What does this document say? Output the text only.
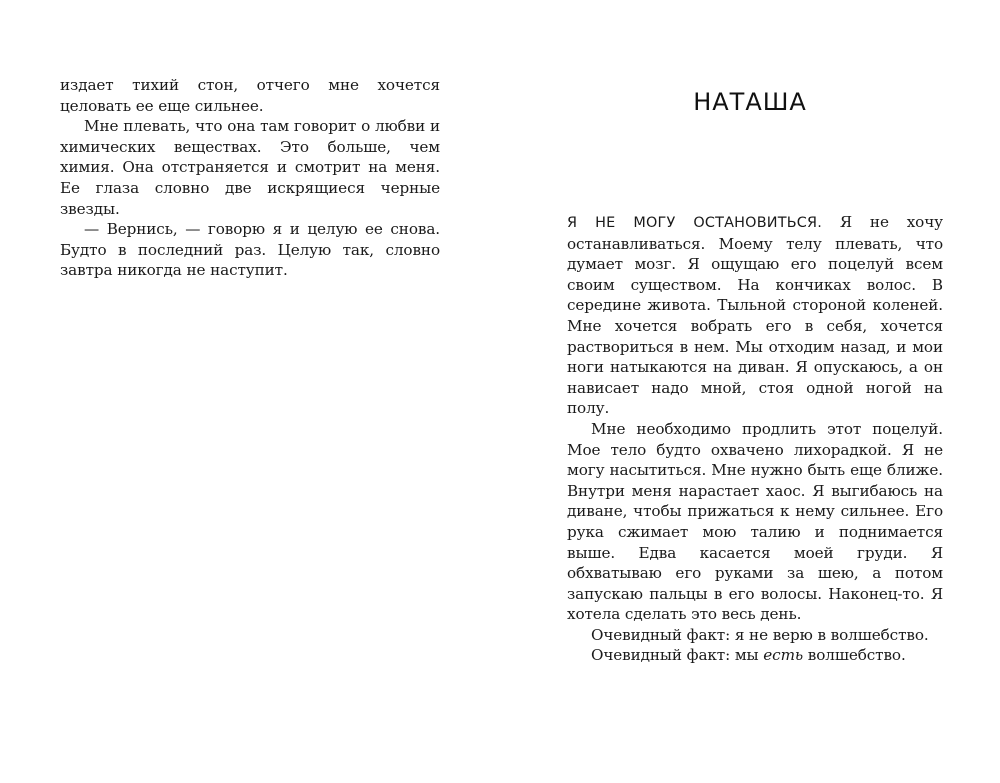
издает тихий стон, отчего мне хочется целовать ее еще сильнее.

Мне плевать, что она там говорит о любви и химических веществах. Это больше, чем химия. Она отстраняется и смотрит на меня. Ее глаза словно две искрящиеся черные звезды.

— Вернись, — говорю я и целую ее снова. Будто в последний раз. Целую так, словно завтра никогда не наступит.

НАТАША

Я НЕ МОГУ ОСТАНОВИТЬСЯ. Я не хочу останавливаться. Моему телу плевать, что думает мозг. Я ощущаю его поцелуй всем своим существом. На кончиках волос. В середине живота. Тыльной стороной коленей. Мне хочется вобрать его в себя, хочется раствориться в нем. Мы отходим назад, и мои ноги натыкаются на диван. Я опускаюсь, а он нависает надо мной, стоя одной ногой на полу.

Мне необходимо продлить этот поцелуй. Мое тело будто охвачено лихорадкой. Я не могу насытиться. Мне нужно быть еще ближе. Внутри меня нарастает хаос. Я выгибаюсь на диване, чтобы прижаться к нему сильнее. Его рука сжимает мою талию и поднимается выше. Едва касается моей груди. Я обхватываю его руками за шею, а потом запускаю пальцы в его волосы. Наконец-то. Я хотела сделать это весь день.

Очевидный факт: я не верю в волшебство.

Очевидный факт: мы есть волшебство.
